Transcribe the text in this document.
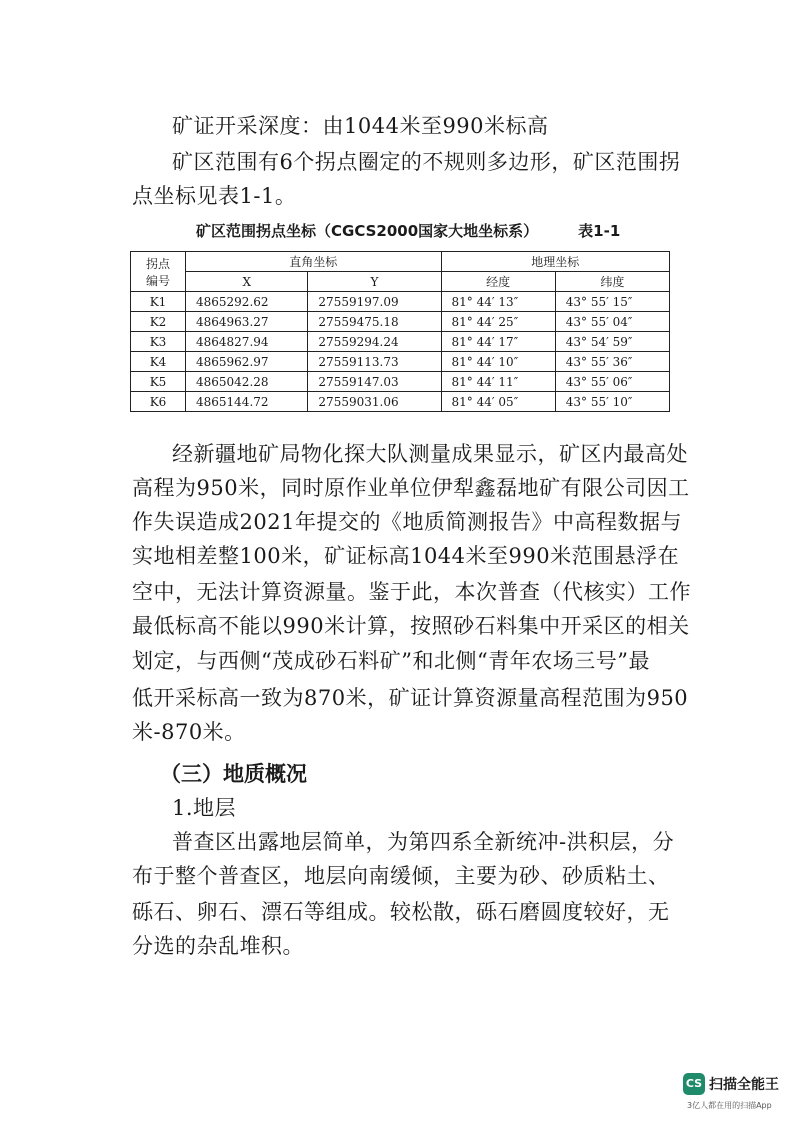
矿证开采深度：由1044米至990米标高
矿区范围有6个拐点圈定的不规则多边形，矿区范围拐
点坐标见表1-1。
矿区范围拐点坐标（CGCS2000国家大地坐标系）	表1-1
拐点
编号	直角坐标		地理坐标	
	X	Y	经度	纬度
K1	4865292.62	27559197.09	81° 44′ 13″	43° 55′ 15″
K2	4864963.27	27559475.18	81° 44′ 25″	43° 55′ 04″
K3	4864827.94	27559294.24	81° 44′ 17″	43° 54′ 59″
K4	4865962.97	27559113.73	81° 44′ 10″	43° 55′ 36″
K5	4865042.28	27559147.03	81° 44′ 11″	43° 55′ 06″
K6	4865144.72	27559031.06	81° 44′ 05″	43° 55′ 10″
经新疆地矿局物化探大队测量成果显示，矿区内最高处
高程为950米，同时原作业单位伊犁鑫磊地矿有限公司因工
作失误造成2021年提交的《地质简测报告》中高程数据与
实地相差整100米，矿证标高1044米至990米范围悬浮在
空中，无法计算资源量。鉴于此，本次普查（代核实）工作
最低标高不能以990米计算，按照砂石料集中开采区的相关
划定，与西侧“茂成砂石料矿”和北侧“青年农场三号”最
低开采标高一致为870米，矿证计算资源量高程范围为950
米-870米。
（三）地质概况
1.地层
普查区出露地层简单，为第四系全新统冲-洪积层，分
布于整个普查区，地层向南缓倾，主要为砂、砂质粘土、
砾石、卵石、漂石等组成。较松散，砾石磨圆度较好，无
分选的杂乱堆积。
CS 扫描全能王
3亿人都在用的扫描App
